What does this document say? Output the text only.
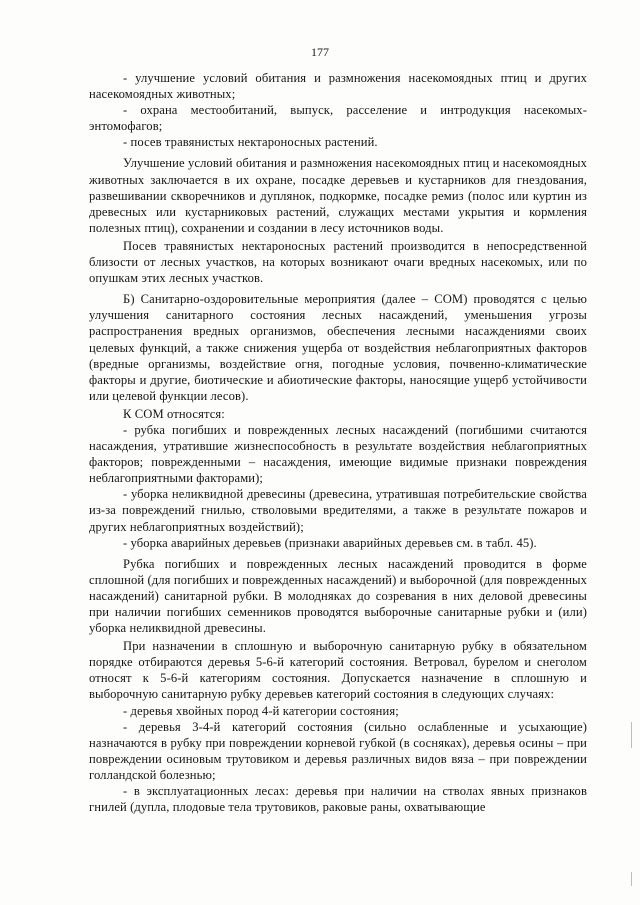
177

- улучшение условий обитания и размножения насекомоядных птиц и других насекомоядных животных;

- охрана местообитаний, выпуск, расселение и интродукция насекомых-энтомофагов;

- посев травянистых нектароносных растений.

Улучшение условий обитания и размножения насекомоядных птиц и насекомоядных животных заключается в их охране, посадке деревьев и кустарников для гнездования, развешивании скворечников и дуплянок, подкормке, посадке ремиз (полос или куртин из древесных или кустарниковых растений, служащих местами укрытия и кормления полезных птиц), сохранении и создании в лесу источников воды.

Посев травянистых нектароносных растений производится в непосредственной близости от лесных участков, на которых возникают очаги вредных насекомых, или по опушкам этих лесных участков.

Б) Санитарно-оздоровительные мероприятия (далее – СОМ) проводятся с целью улучшения санитарного состояния лесных насаждений, уменьшения угрозы распространения вредных организмов, обеспечения лесными насаждениями своих целевых функций, а также снижения ущерба от воздействия неблагоприятных факторов (вредные организмы, воздействие огня, погодные условия, почвенно-климатические факторы и другие, биотические и абиотические факторы, наносящие ущерб устойчивости или целевой функции лесов).

К СОМ относятся:

- рубка погибших и поврежденных лесных насаждений (погибшими считаются насаждения, утратившие жизнеспособность в результате воздействия неблагоприятных факторов; поврежденными – насаждения, имеющие видимые признаки повреждения неблагоприятными факторами);

- уборка неликвидной древесины (древесина, утратившая потребительские свойства из-за повреждений гнилью, стволовыми вредителями, а также в результате пожаров и других неблагоприятных воздействий);

- уборка аварийных деревьев (признаки аварийных деревьев см. в табл. 45).

Рубка погибших и поврежденных лесных насаждений проводится в форме сплошной (для погибших и поврежденных насаждений) и выборочной (для поврежденных насаждений) санитарной рубки. В молодняках до созревания в них деловой древесины при наличии погибших семенников проводятся выборочные санитарные рубки и (или) уборка неликвидной древесины.

При назначении в сплошную и выборочную санитарную рубку в обязательном порядке отбираются деревья 5-6-й категорий состояния. Ветровал, бурелом и снеголом относят к 5-6-й категориям состояния. Допускается назначение в сплошную и выборочную санитарную рубку деревьев категорий состояния в следующих случаях:

- деревья хвойных пород 4-й категории состояния;

- деревья 3-4-й категорий состояния (сильно ослабленные и усыхающие) назначаются в рубку при повреждении корневой губкой (в сосняках), деревья осины – при повреждении осиновым трутовиком и деревья различных видов вяза – при повреждении голландской болезнью;

- в эксплуатационных лесах: деревья при наличии на стволах явных признаков гнилей (дупла, плодовые тела трутовиков, раковые раны, охватывающие
